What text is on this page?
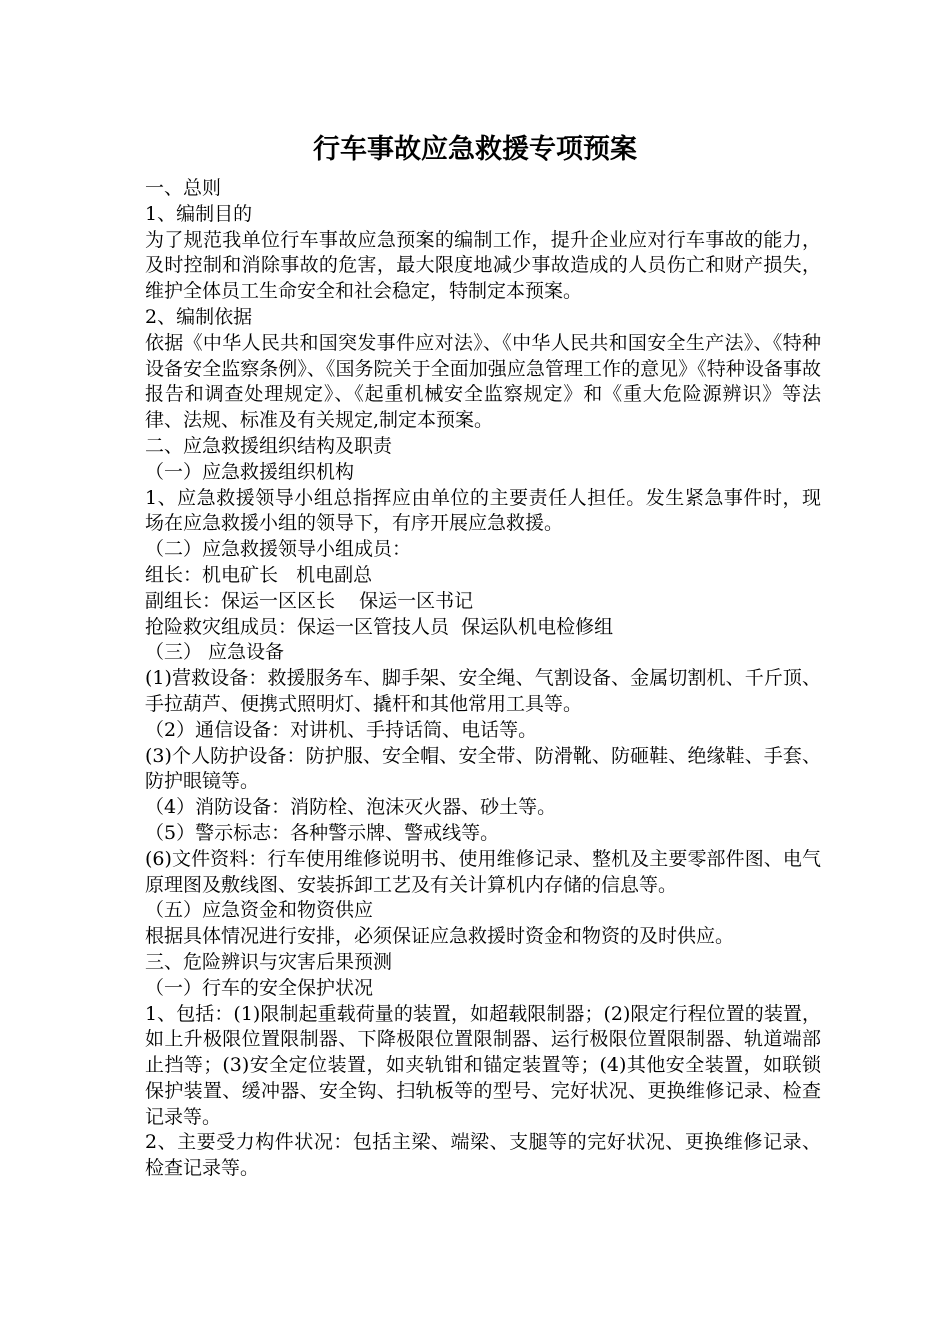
行车事故应急救援专项预案

一、总则

1、编制目的

为了规范我单位行车事故应急预案的编制工作，提升企业应对行车事故的能力，及时控制和消除事故的危害，最大限度地减少事故造成的人员伤亡和财产损失，维护全体员工生命安全和社会稳定，特制定本预案。

2、编制依据

依据《中华人民共和国突发事件应对法》、《中华人民共和国安全生产法》、《特种设备安全监察条例》、《国务院关于全面加强应急管理工作的意见》《特种设备事故报告和调查处理规定》、《起重机械安全监察规定》和《重大危险源辨识》等法律、法规、标准及有关规定,制定本预案。

二、应急救援组织结构及职责

（一）应急救援组织机构

1、应急救援领导小组总指挥应由单位的主要责任人担任。发生紧急事件时，现场在应急救援小组的领导下，有序开展应急救援。

（二）应急救援领导小组成员：

组长：机电矿长   机电副总

副组长：保运一区区长    保运一区书记

抢险救灾组成员：保运一区管技人员  保运队机电检修组

（三） 应急设备

(1)营救设备：救援服务车、脚手架、安全绳、气割设备、金属切割机、千斤顶、手拉葫芦、便携式照明灯、撬杆和其他常用工具等。

（2）通信设备：对讲机、手持话筒、电话等。

(3)个人防护设备：防护服、安全帽、安全带、防滑靴、防砸鞋、绝缘鞋、手套、防护眼镜等。

（4）消防设备：消防栓、泡沫灭火器、砂土等。

（5）警示标志：各种警示牌、警戒线等。

(6)文件资料：行车使用维修说明书、使用维修记录、整机及主要零部件图、电气原理图及敷线图、安装拆卸工艺及有关计算机内存储的信息等。

（五）应急资金和物资供应

根据具体情况进行安排，必须保证应急救援时资金和物资的及时供应。

三、危险辨识与灾害后果预测

（一）行车的安全保护状况

1、包括：(1)限制起重载荷量的装置，如超载限制器；(2)限定行程位置的装置，如上升极限位置限制器、下降极限位置限制器、运行极限位置限制器、轨道端部止挡等；(3)安全定位装置，如夹轨钳和锚定装置等；(4)其他安全装置，如联锁保护装置、缓冲器、安全钩、扫轨板等的型号、完好状况、更换维修记录、检查记录等。

2、主要受力构件状况：包括主梁、端梁、支腿等的完好状况、更换维修记录、检查记录等。
